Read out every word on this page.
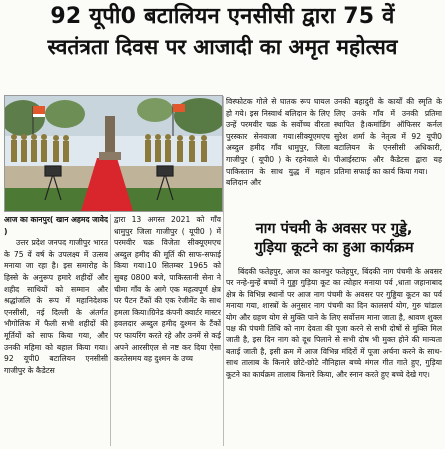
92 यूपी0 बटालियन एनसीसी द्वारा 75 वें
स्वतंत्रता दिवस पर आजादी का अमृत महोत्सव

आज का कानपुर( खान अहमद जावेद )

उत्तर प्रदेश जनपद गाजीपुर भारत के 75 वें वर्ष के उपलक्ष्य में उत्सव मनाया जा रहा है। इस समारोह के हिस्से के अनुरूप हमारे शहीदों और शहीद साथियों को सम्मान और श्रद्धांजलि के रूप में महानिदेशक एनसीसी, नई दिल्ली के अंतर्गत भौगोलिक में फैली सभी शहीदों की मूर्तियों को साफ किया गया, और उनकी महिमा को बहाल किया गया।92 यूपी0 बटालियन एनसीसी गाजीपुर के कैडेटस

द्वारा 13 अगस्त 2021 को गाँव धामुपुर जिला गाजीपुर ( यूपी0 ) में परमवीर चक्र विजेता सीक्यूएमएच अब्दुल हमीद की मूर्ति की साफ-सफाई किया गया।10 सितम्बर 1965 को सुबह 0800 बजे, पाकिस्तानी सेना ने चीमा गाँव के आगे एक महत्वपूर्ण क्षेत्र पर पैटन टैंकों की एक रेजीमेंट के साथ हमला किया।ग्रिनेड कंपनी क्वार्टर मास्टर हवलदार अब्दुल हमीद दुश्मन के टैंकों पर फायरिंग करते रहे और उनमें से कई अपने आरसीएल से नष्ट कर दिया ऐसा करतेसमय वह दुश्मन के उच्च

विस्फोटक गोले से घातक रूप घायल हो गये। इस निस्वार्थ बलिदान के लिए उन्हें परमवीर चक्र के सर्वोच्च वीरता पुरस्कार सेनवाजा गया।सीक्यूएमएच अब्दुल हमीद गाँव धामुपुर, जिला गाजीपुर ( यूपी0 ) के रहनेवाले थे।पाकिस्तान के साथ युद्ध में महान बलिदान और

उनकी बहादुरी के कार्यों की स्मृति के लिए उनके गाँव में उनकी प्रतिमा स्थापित है।कमांडिंग ऑफिसर कर्नल सुरेश शर्मा के नेतृत्व में 92 यूपी0 बटालियन के एनसीसी अधिकारी, पीआईस्टाफ और कैडेटस द्वारा यह प्रतिमा सफाई का कार्य किया गया।

नाग पंचमी के अवसर पर गुड्डे,
गुड़िया कूटने का हुआ कार्यक्रम

बिंदकी फतेहपुर, आज का कानपुर फतेहपुर, बिंदकी नाग पंचमी के अवसर पर नन्हे-मुन्हें बच्चों ने गुड्डा गुड़िया कूट का त्योहार मनाया पर्व ,धाता जहानाबाद क्षेत्र के विभिन्न स्थानों पर आज नाग पंचमी के अवसर पर गुड्डिया कूटन का पर्व मनाया गया, शास्त्रों के अनुसार नाग पंचमी का दिन कालसर्प योग, गुरु चांडाल योग और ग्रहण योग से मुक्ति पाने के लिए सर्वोत्तम माना जाता है, श्रावण शुक्ल पक्ष की पंचमी तिथि को नाग देवता की पूजा करने से सभी दोषों से मुक्ति मिल जाती है, इस दिन नाग को दूध पिलाने से सभी दोष भी मुक्त होने की मान्यता बताई जाती है, इसी क्रम में आज विभिन्न मंदिरों में पूजा अर्चना करने के साथ-साथ तालाब के किनारे छोटे-छोटे नौनिहाल बच्चे मंगल गीत गाते हुए, गुड़िया कूटने का कार्यक्रम तालाब किनारे किया, और स्नान करते हुए बच्चे देखे गए।
